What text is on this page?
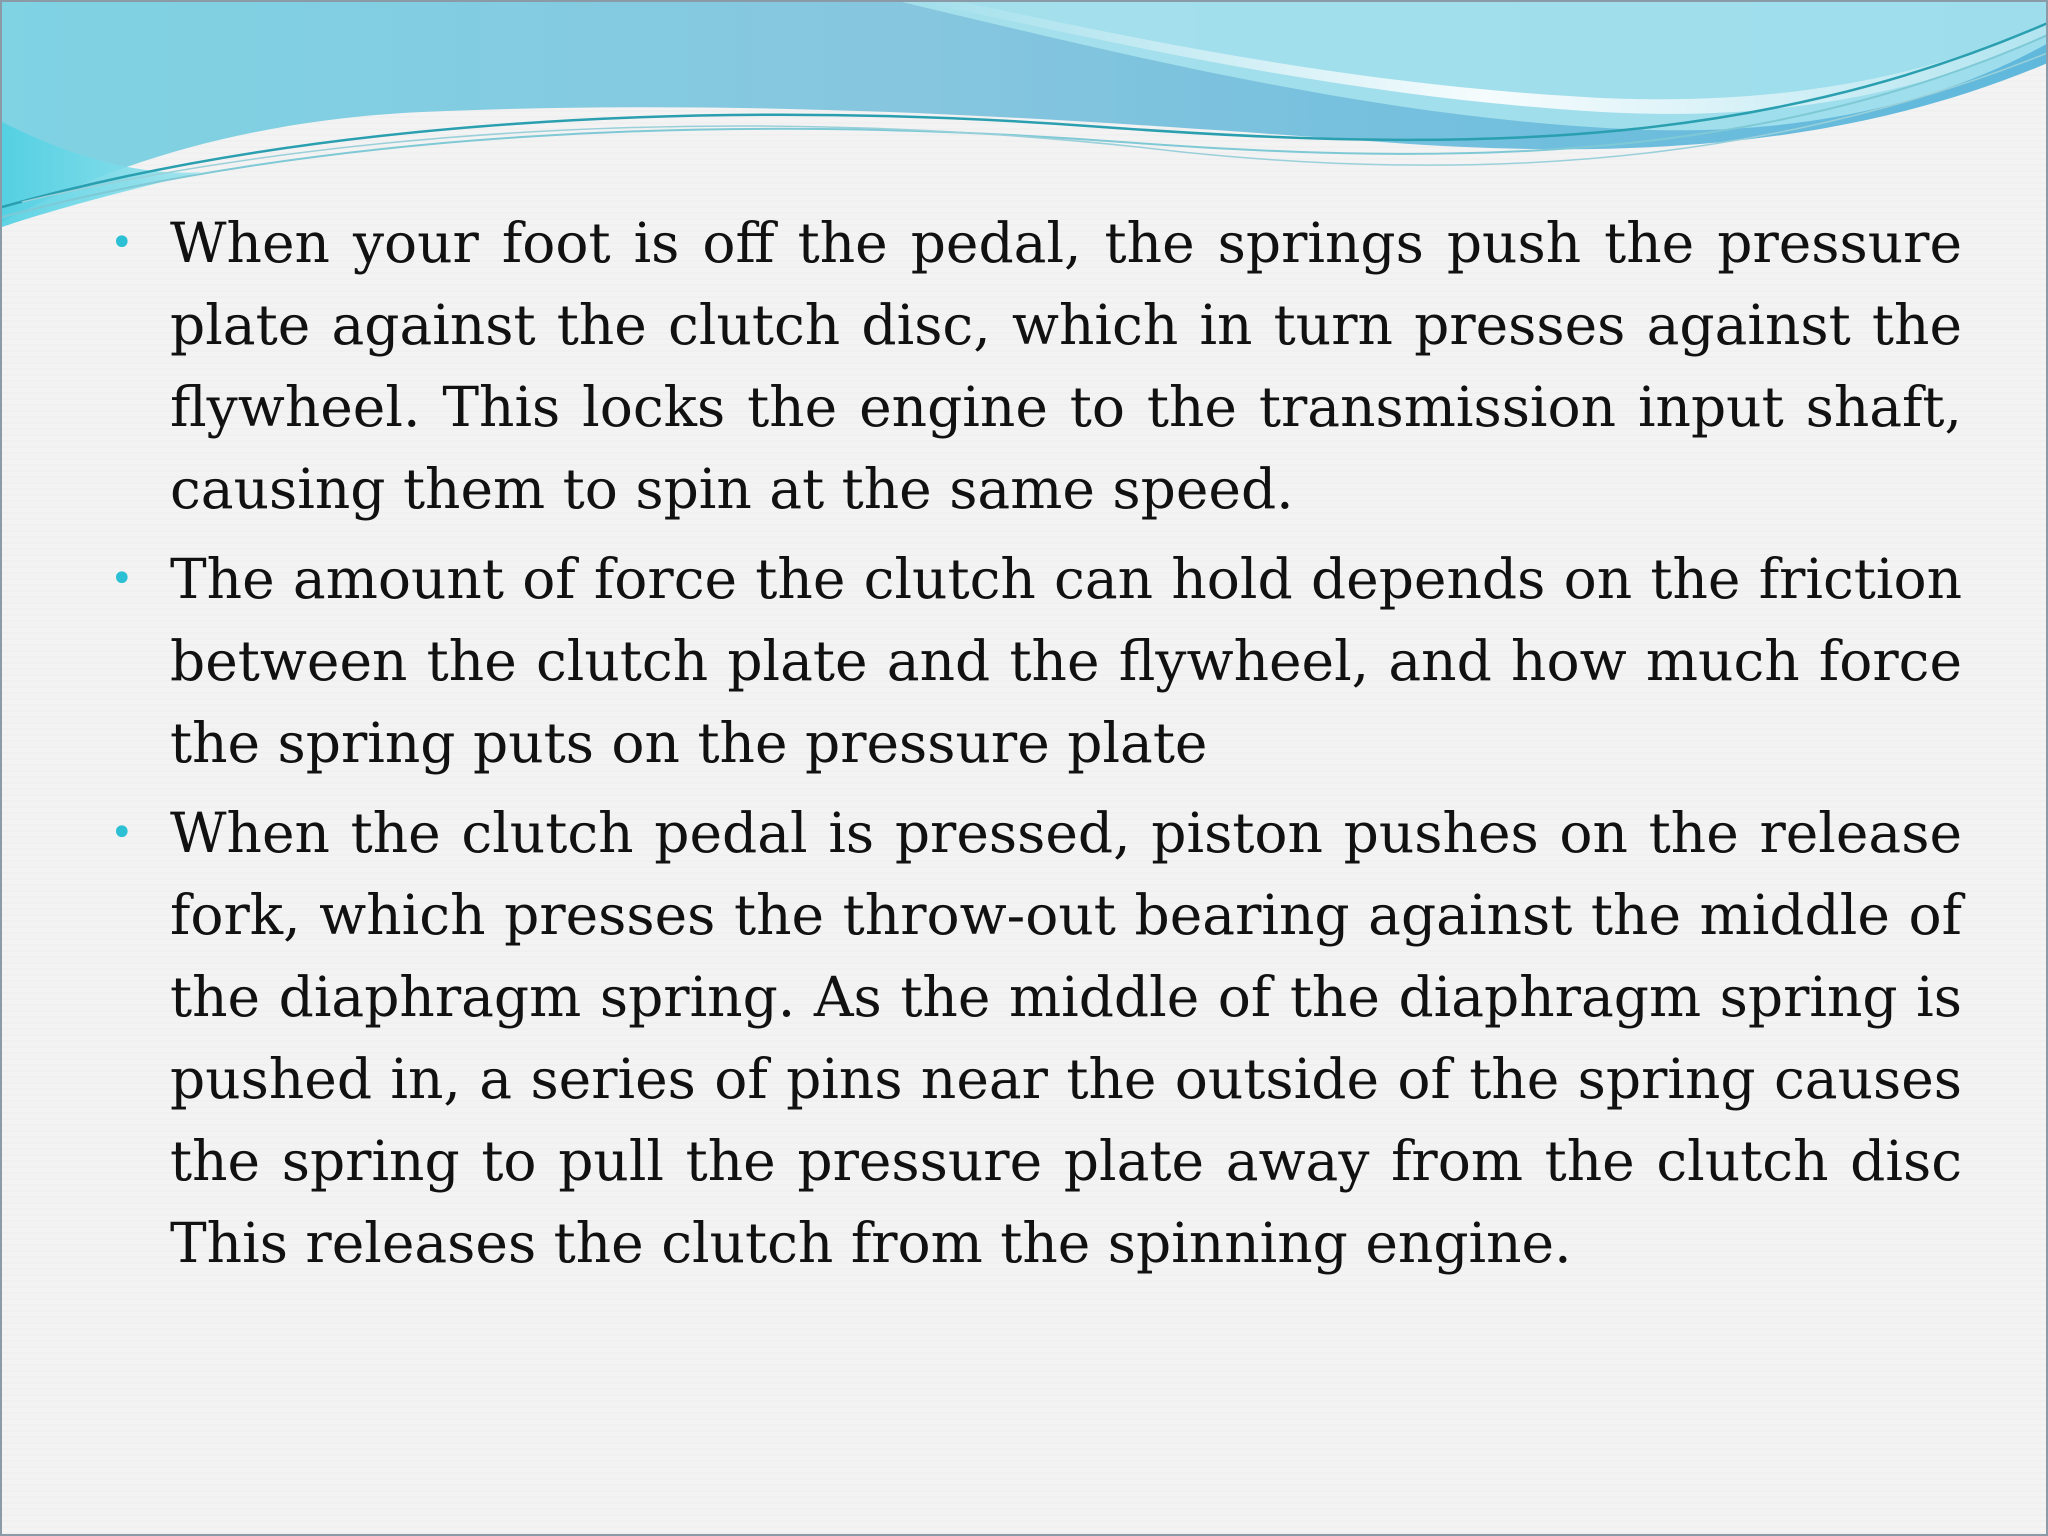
• When your foot is off the pedal, the springs push the pressure plate against the clutch disc, which in turn presses against the flywheel. This locks the engine to the transmission input shaft, causing them to spin at the same speed.
• The amount of force the clutch can hold depends on the friction between the clutch plate and the flywheel, and how much force the spring puts on the pressure plate
• When the clutch pedal is pressed, piston pushes on the release fork, which presses the throw-out bearing against the middle of the diaphragm spring. As the middle of the diaphragm spring is pushed in, a series of pins near the outside of the spring causes the spring to pull the pressure plate away from the clutch disc This releases the clutch from the spinning engine.
